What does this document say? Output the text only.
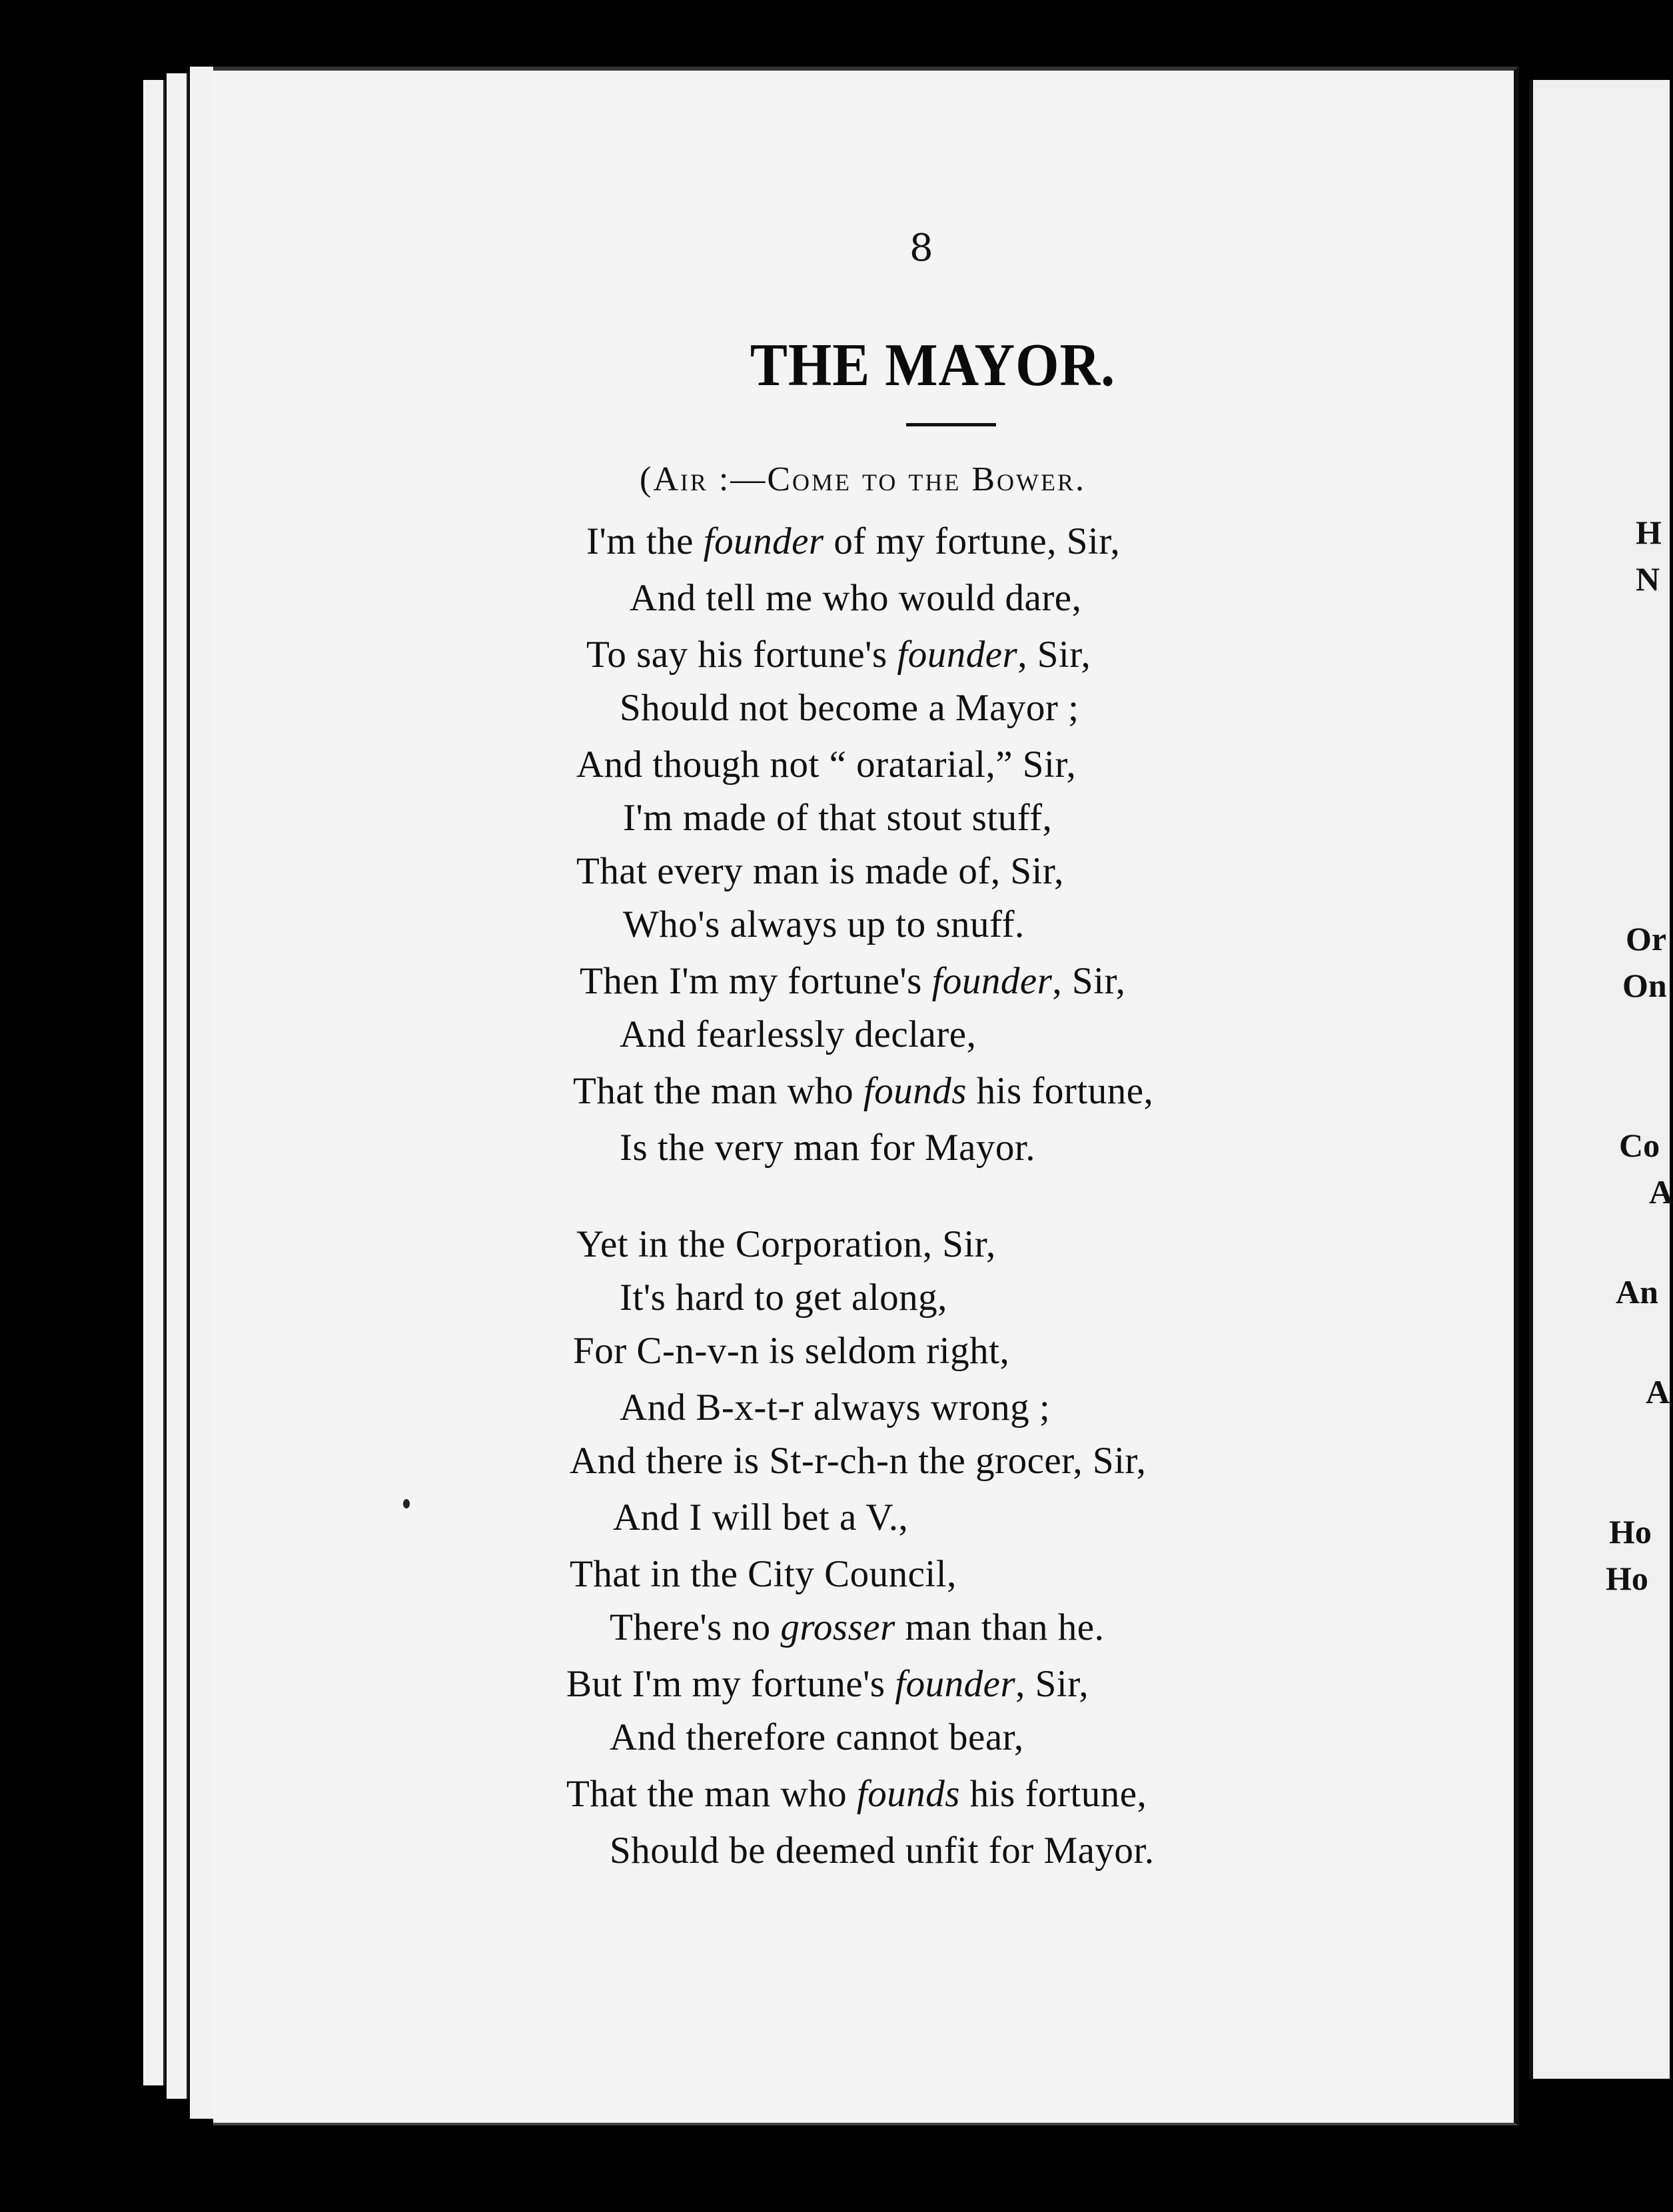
8
THE MAYOR.
(Air :—Come to the Bower.
I'm the founder of my fortune, Sir,
And tell me who would dare,
To say his fortune's founder, Sir,
Should not become a Mayor ;
And though not “ oratarial,” Sir,
I'm made of that stout stuff,
That every man is made of, Sir,
Who's always up to snuff.
Then I'm my fortune's founder, Sir,
And fearlessly declare,
That the man who founds his fortune,
Is the very man for Mayor.
Yet in the Corporation, Sir,
It's hard to get along,
For C-n-v-n is seldom right,
And B-x-t-r always wrong ;
And there is St-r-ch-n the grocer, Sir,
And I will bet a V.,
That in the City Council,
There's no grosser man than he.
But I'm my fortune's founder, Sir,
And therefore cannot bear,
That the man who founds his fortune,
Should be deemed unfit for Mayor.
H
N
Or
On
Co
A
An
A
Ho
Ho
